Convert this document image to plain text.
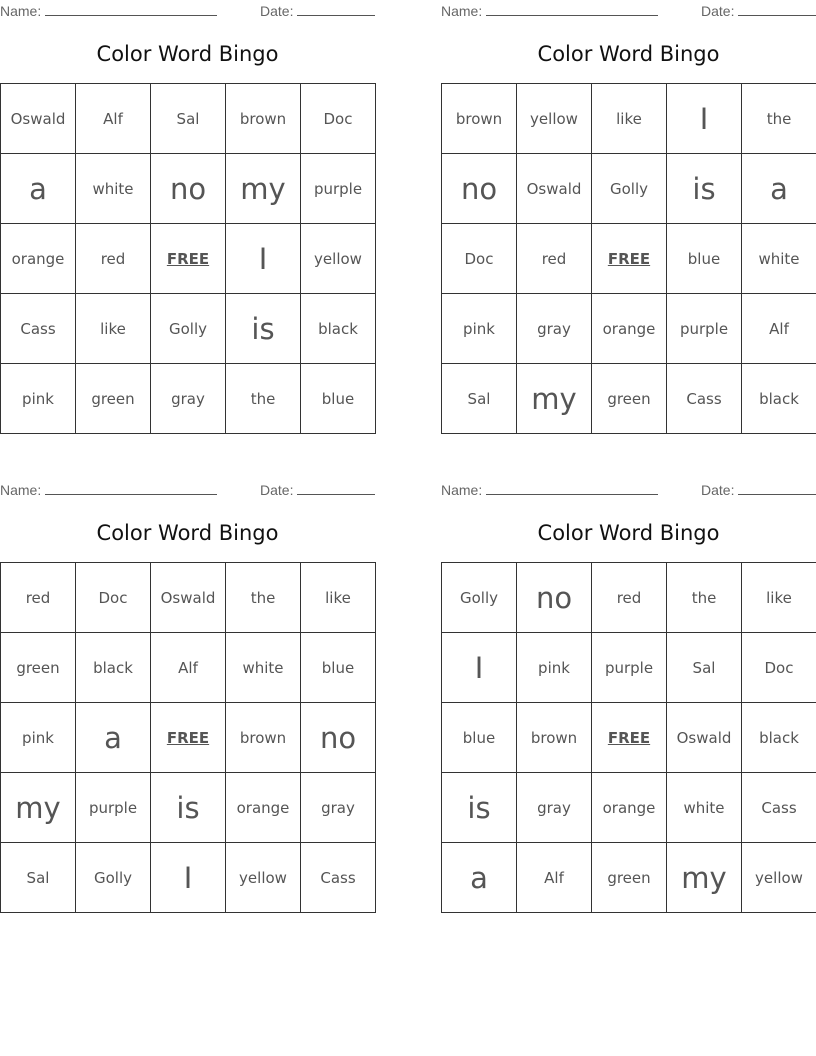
Name:	Date:
Color Word Bingo
Oswald	Alf	Sal	brown	Doc
a	white	no	my	purple
orange	red	FREE	I	yellow
Cass	like	Golly	is	black
pink	green	gray	the	blue
Name:	Date:
Color Word Bingo
brown	yellow	like	I	the
no	Oswald	Golly	is	a
Doc	red	FREE	blue	white
pink	gray	orange	purple	Alf
Sal	my	green	Cass	black
Name:	Date:
Color Word Bingo
red	Doc	Oswald	the	like
green	black	Alf	white	blue
pink	a	FREE	brown	no
my	purple	is	orange	gray
Sal	Golly	I	yellow	Cass
Name:	Date:
Color Word Bingo
Golly	no	red	the	like
I	pink	purple	Sal	Doc
blue	brown	FREE	Oswald	black
is	gray	orange	white	Cass
a	Alf	green	my	yellow
